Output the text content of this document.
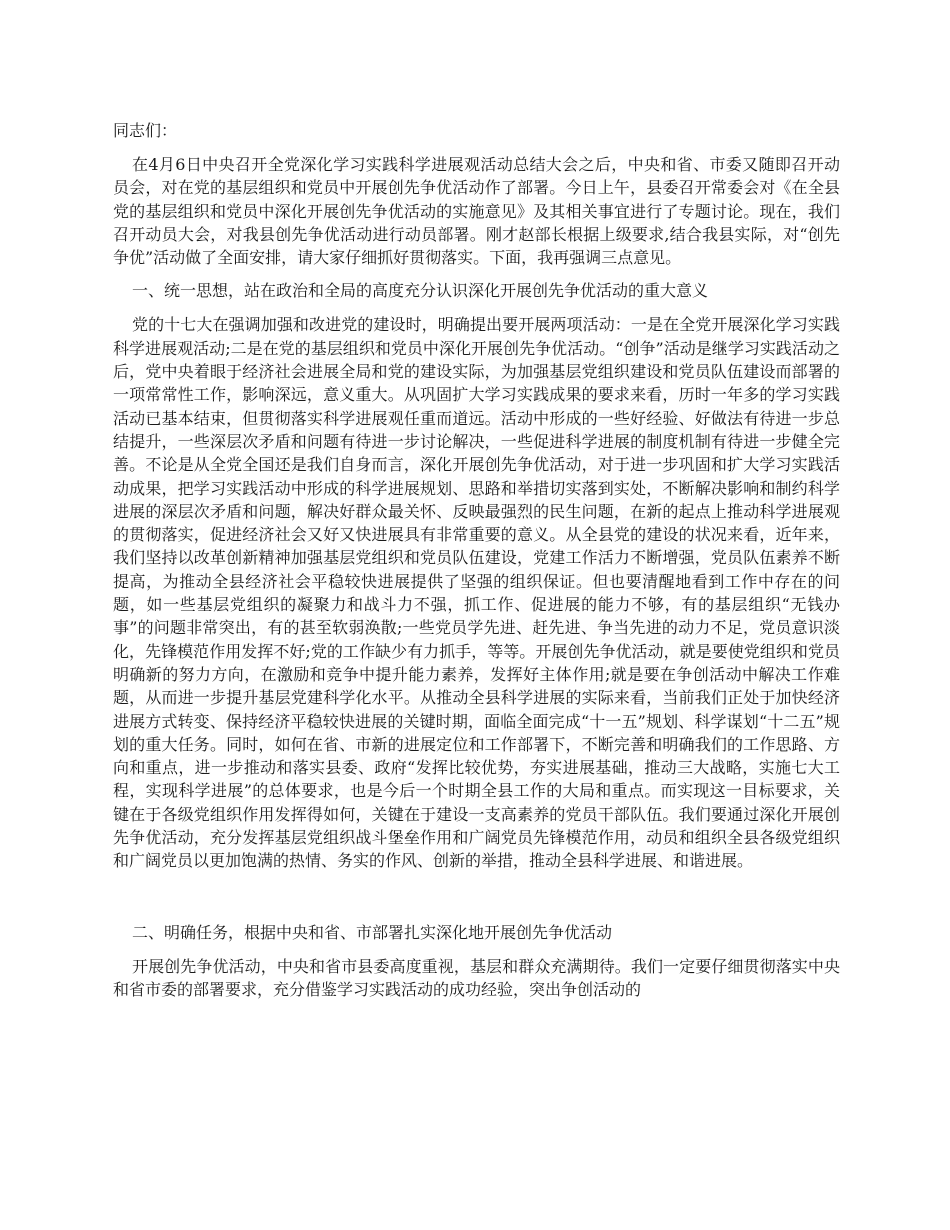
同志们：

在4月6日中央召开全党深化学习实践科学进展观活动总结大会之后，中央和省、市委又随即召开动员会，对在党的基层组织和党员中开展创先争优活动作了部署。今日上午，县委召开常委会对《在全县党的基层组织和党员中深化开展创先争优活动的实施意见》及其相关事宜进行了专题讨论。现在，我们召开动员大会，对我县创先争优活动进行动员部署。刚才赵部长根据上级要求,结合我县实际，对“创先争优”活动做了全面安排，请大家仔细抓好贯彻落实。下面，我再强调三点意见。

一、统一思想，站在政治和全局的高度充分认识深化开展创先争优活动的重大意义

党的十七大在强调加强和改进党的建设时，明确提出要开展两项活动：一是在全党开展深化学习实践科学进展观活动;二是在党的基层组织和党员中深化开展创先争优活动。“创争”活动是继学习实践活动之后，党中央着眼于经济社会进展全局和党的建设实际，为加强基层党组织建设和党员队伍建设而部署的一项常常性工作，影响深远，意义重大。从巩固扩大学习实践成果的要求来看，历时一年多的学习实践活动已基本结束，但贯彻落实科学进展观任重而道远。活动中形成的一些好经验、好做法有待进一步总结提升，一些深层次矛盾和问题有待进一步讨论解决，一些促进科学进展的制度机制有待进一步健全完善。不论是从全党全国还是我们自身而言，深化开展创先争优活动，对于进一步巩固和扩大学习实践活动成果，把学习实践活动中形成的科学进展规划、思路和举措切实落到实处，不断解决影响和制约科学进展的深层次矛盾和问题，解决好群众最关怀、反映最强烈的民生问题，在新的起点上推动科学进展观的贯彻落实，促进经济社会又好又快进展具有非常重要的意义。从全县党的建设的状况来看，近年来，我们坚持以改革创新精神加强基层党组织和党员队伍建设，党建工作活力不断增强，党员队伍素养不断提高，为推动全县经济社会平稳较快进展提供了坚强的组织保证。但也要清醒地看到工作中存在的问题，如一些基层党组织的凝聚力和战斗力不强，抓工作、促进展的能力不够，有的基层组织“无钱办事”的问题非常突出，有的甚至软弱涣散;一些党员学先进、赶先进、争当先进的动力不足，党员意识淡化，先锋模范作用发挥不好;党的工作缺少有力抓手，等等。开展创先争优活动，就是要使党组织和党员明确新的努力方向，在激励和竞争中提升能力素养，发挥好主体作用;就是要在争创活动中解决工作难题，从而进一步提升基层党建科学化水平。从推动全县科学进展的实际来看，当前我们正处于加快经济进展方式转变、保持经济平稳较快进展的关键时期，面临全面完成“十一五”规划、科学谋划“十二五”规划的重大任务。同时，如何在省、市新的进展定位和工作部署下，不断完善和明确我们的工作思路、方向和重点，进一步推动和落实县委、政府“发挥比较优势，夯实进展基础，推动三大战略，实施七大工程，实现科学进展”的总体要求，也是今后一个时期全县工作的大局和重点。而实现这一目标要求，关键在于各级党组织作用发挥得如何，关键在于建设一支高素养的党员干部队伍。我们要通过深化开展创先争优活动，充分发挥基层党组织战斗堡垒作用和广阔党员先锋模范作用，动员和组织全县各级党组织和广阔党员以更加饱满的热情、务实的作风、创新的举措，推动全县科学进展、和谐进展。

二、明确任务，根据中央和省、市部署扎实深化地开展创先争优活动

开展创先争优活动，中央和省市县委高度重视，基层和群众充满期待。我们一定要仔细贯彻落实中央和省市委的部署要求，充分借鉴学习实践活动的成功经验，突出争创活动的
